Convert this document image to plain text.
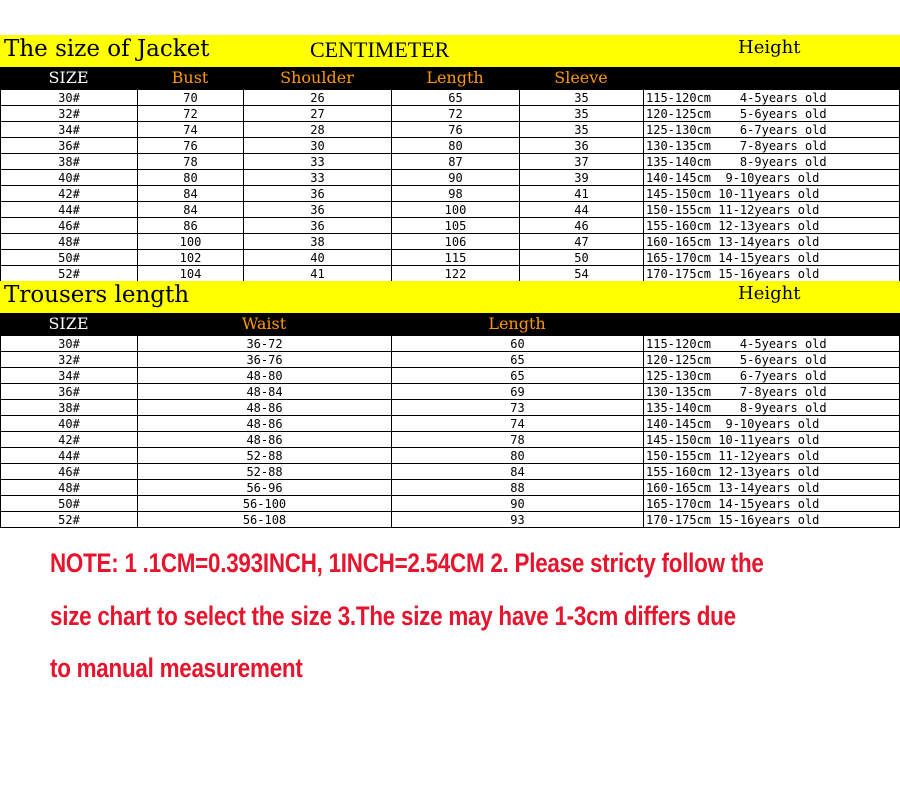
The size of Jacket	CENTIMETER	Height
SIZE	Bust	Shoulder	Length	Sleeve
30#	70	26	65	35	115-120cm    4-5years old
32#	72	27	72	35	120-125cm    5-6years old
34#	74	28	76	35	125-130cm    6-7years old
36#	76	30	80	36	130-135cm    7-8years old
38#	78	33	87	37	135-140cm    8-9years old
40#	80	33	90	39	140-145cm  9-10years old
42#	84	36	98	41	145-150cm 10-11years old
44#	84	36	100	44	150-155cm 11-12years old
46#	86	36	105	46	155-160cm 12-13years old
48#	100	38	106	47	160-165cm 13-14years old
50#	102	40	115	50	165-170cm 14-15years old
52#	104	41	122	54	170-175cm 15-16years old
Trousers length	Height
SIZE	Waist	Length
30#	36-72	60	115-120cm    4-5years old
32#	36-76	65	120-125cm    5-6years old
34#	48-80	65	125-130cm    6-7years old
36#	48-84	69	130-135cm    7-8years old
38#	48-86	73	135-140cm    8-9years old
40#	48-86	74	140-145cm  9-10years old
42#	48-86	78	145-150cm 10-11years old
44#	52-88	80	150-155cm 11-12years old
46#	52-88	84	155-160cm 12-13years old
48#	56-96	88	160-165cm 13-14years old
50#	56-100	90	165-170cm 14-15years old
52#	56-108	93	170-175cm 15-16years old
NOTE: 1 .1CM=0.393INCH, 1INCH=2.54CM 2. Please stricty follow the
size chart to select the size 3.The size may have 1-3cm differs due
to manual measurement
